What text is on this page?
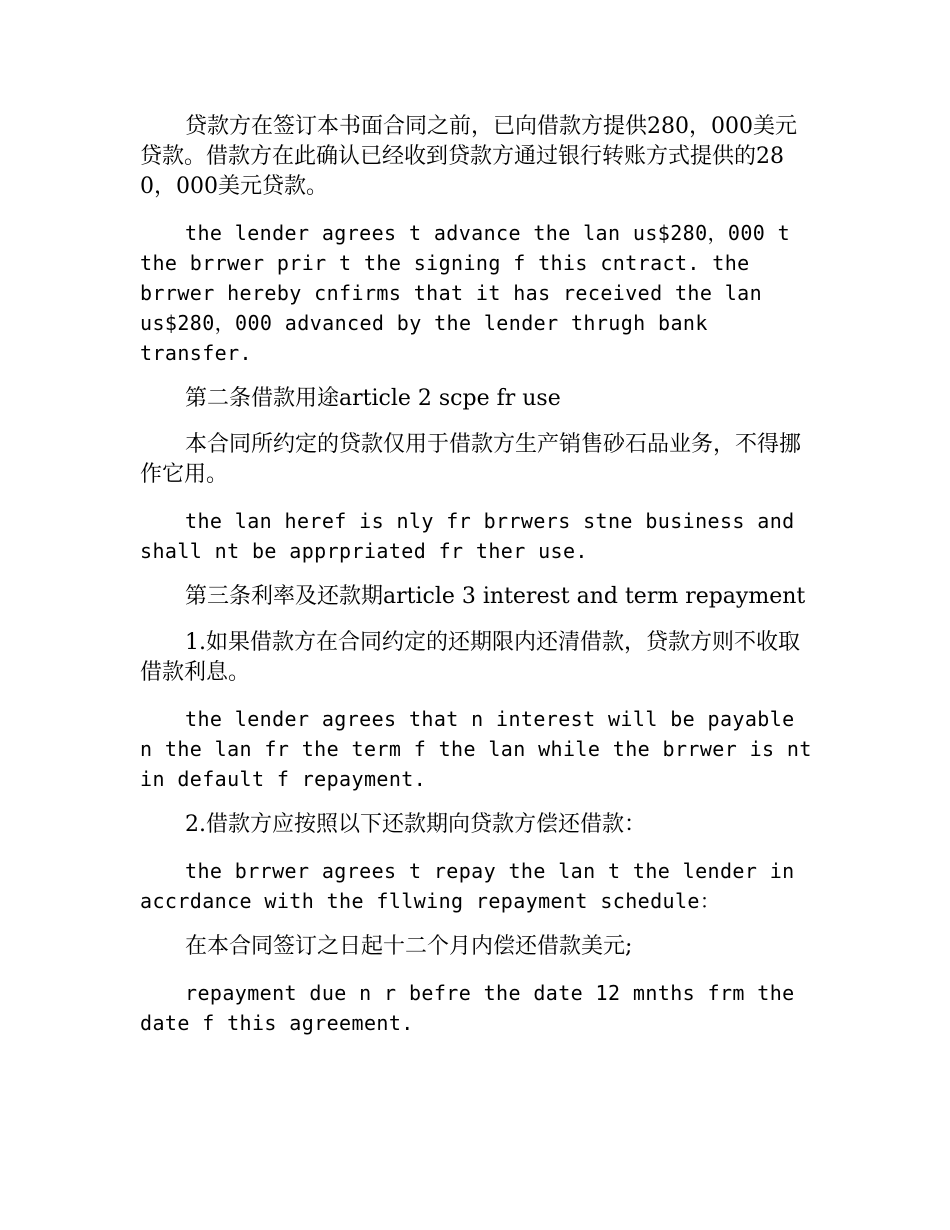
贷款方在签订本书面合同之前，已向借款方提供280，000美元贷款。借款方在此确认已经收到贷款方通过银行转账方式提供的280，000美元贷款。

the lender agrees t advance the lan us$280，000 t the brrwer prir t the signing f this cntract. the brrwer hereby cnfirms that it has received the lan us$280，000 advanced by the lender thrugh bank transfer.

第二条借款用途article 2 scpe fr use

本合同所约定的贷款仅用于借款方生产销售砂石品业务，不得挪作它用。

the lan heref is nly fr brrwers stne business and shall nt be apprpriated fr ther use.

第三条利率及还款期article 3 interest and term repayment

1.如果借款方在合同约定的还期限内还清借款，贷款方则不收取借款利息。

the lender agrees that n interest will be payable n the lan fr the term f the lan while the brrwer is nt in default f repayment.

2.借款方应按照以下还款期向贷款方偿还借款：

the brrwer agrees t repay the lan t the lender in accrdance with the fllwing repayment schedule：

在本合同签订之日起十二个月内偿还借款美元;

repayment due n r befre the date 12 mnths frm the date f this agreement.
